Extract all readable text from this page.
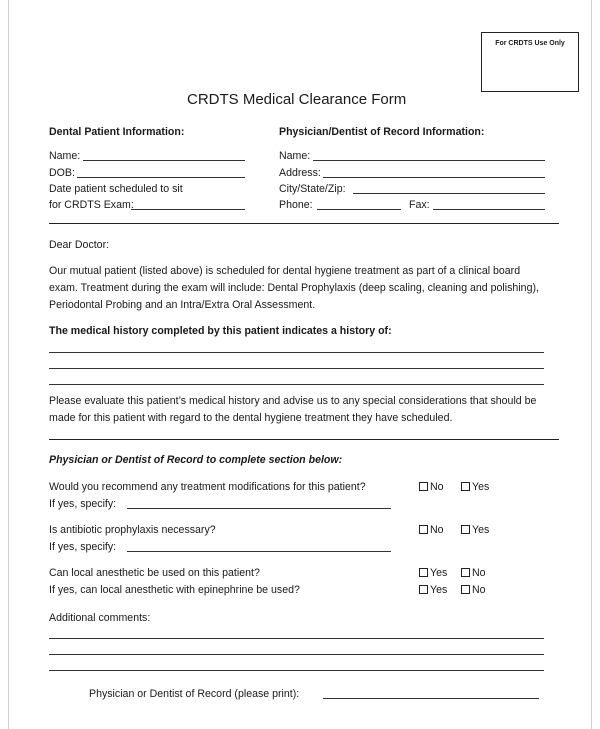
For CRDTS Use Only
CRDTS Medical Clearance Form
Dental Patient Information:
Name:
DOB:
Date patient scheduled to sit
for CRDTS Exam:
Physician/Dentist of Record Information:
Name:
Address:
City/State/Zip:
Phone:	Fax:
Dear Doctor:
Our mutual patient (listed above) is scheduled for dental hygiene treatment as part of a clinical board
exam. Treatment during the exam will include: Dental Prophylaxis (deep scaling, cleaning and polishing),
Periodontal Probing and an Intra/Extra Oral Assessment.
The medical history completed by this patient indicates a history of:
Please evaluate this patient’s medical history and advise us to any special considerations that should be
made for this patient with regard to the dental hygiene treatment they have scheduled.
Physician or Dentist of Record to complete section below:
Would you recommend any treatment modifications for this patient?	No	Yes
If yes, specify:
Is antibiotic prophylaxis necessary?	No	Yes
If yes, specify:
Can local anesthetic be used on this patient?	Yes	No
If yes, can local anesthetic with epinephrine be used?	Yes	No
Additional comments:
Physician or Dentist of Record (please print):
